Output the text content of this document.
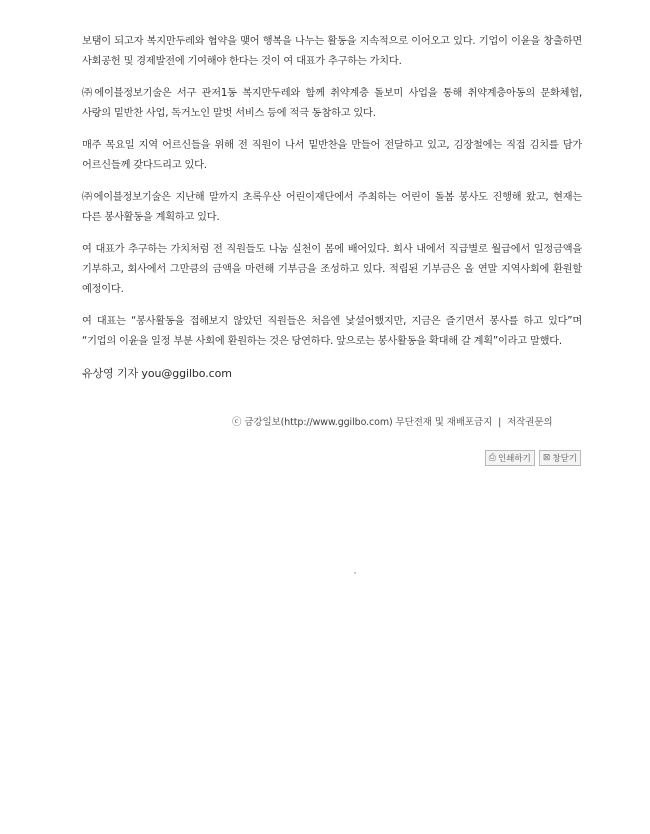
보탬이 되고자 복지만두레와 협약을 맺어 행복을 나누는 활동을 지속적으로 이어오고 있다. 기업이 이윤을 창출하면 사회공헌 및 경제발전에 기여해야 한다는 것이 여 대표가 추구하는 가치다.

㈜에이블정보기술은 서구 관저1동 복지만두레와 함께 취약계층 돌보미 사업을 통해 취약계층아동의 문화체험, 사랑의 밑반찬 사업, 독거노인 말벗 서비스 등에 적극 동참하고 있다.

매주 목요일 지역 어르신들을 위해 전 직원이 나서 밑반찬을 만들어 전달하고 있고, 김장철에는 직접 김치를 담가 어르신들께 갖다드리고 있다.

㈜에이블정보기술은 지난해 말까지 초록우산 어린이재단에서 주최하는 어린이 돌봄 봉사도 진행해 왔고, 현재는 다른 봉사활동을 계획하고 있다.

여 대표가 추구하는 가치처럼 전 직원들도 나눔 실천이 몸에 배어있다. 회사 내에서 직급별로 월급에서 일정금액을 기부하고, 회사에서 그만큼의 금액을 마련해 기부금을 조성하고 있다. 적립된 기부금은 올 연말 지역사회에 환원할 예정이다.

여 대표는 “봉사활동을 접해보지 않았던 직원들은 처음엔 낯설어했지만, 지금은 즐기면서 봉사를 하고 있다”며 “기업의 이윤을 일정 부분 사회에 환원하는 것은 당연하다. 앞으로는 봉사활동을 확대해 갈 계획”이라고 말했다.

유상영 기자 you@ggilbo.com

ⓒ 금강일보(http://www.ggilbo.com) 무단전재 및 재배포금지 | 저작권문의
⎙ 인쇄하기 ⊠ 창닫기
